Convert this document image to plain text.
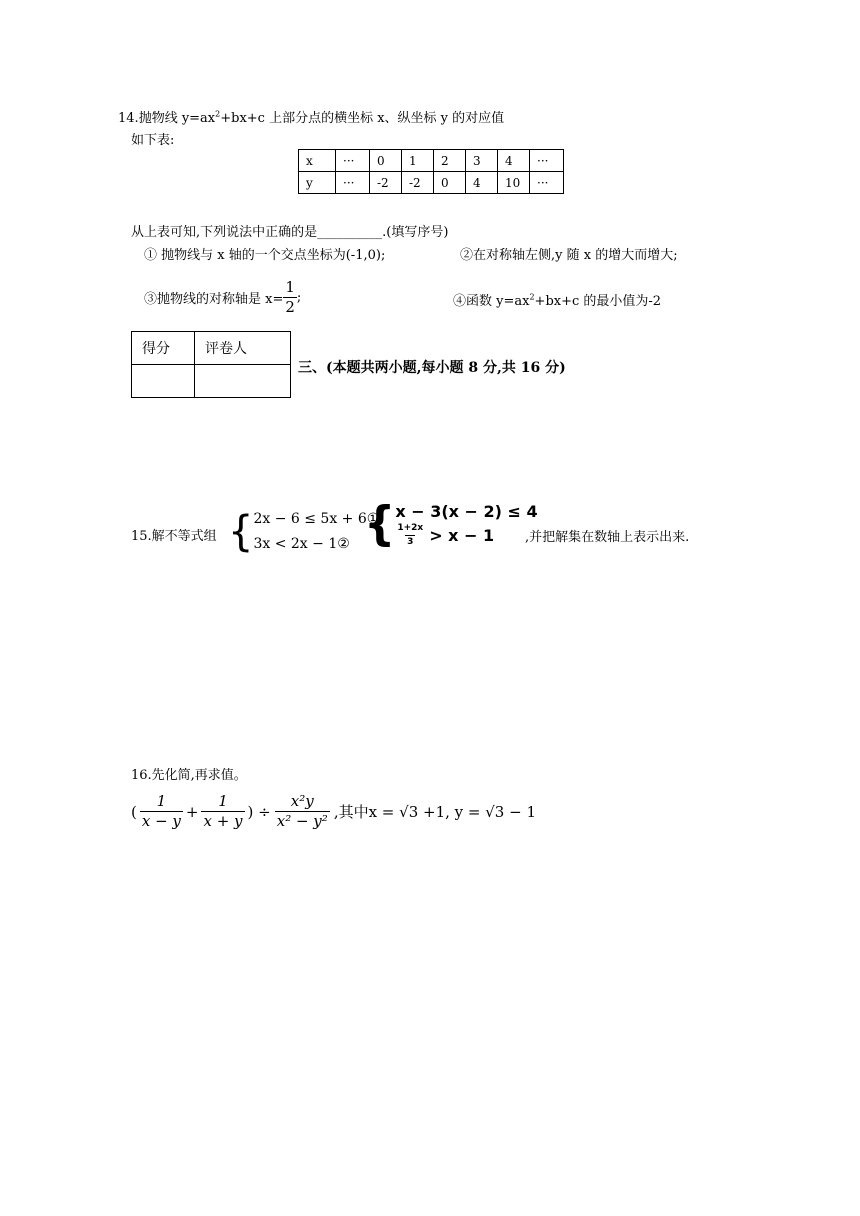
14.抛物线 $y=ax^2+bx+c$ 上部分点的横坐标 x、纵坐标 y 的对应值
如下表:
x	···	0	1	2	3	4	···
y	···	-2	-2	0	4	10	···
从上表可知,下列说法中正确的是__________.(填写序号)
① 抛物线与 x 轴的一个交点坐标为(-1,0);	②在对称轴左侧,y 随 x 的增大而增大;
③抛物线的对称轴是 $x= \frac{1}{2}$ ;	④函数 $y=ax^2+bx+c$ 的最小值为-2
得分	评卷人

三、(本题共两小题,每小题 8 分,共 16 分)
15.解不等式组 { 2x − 6 ≤ 5x + 6①
3x < 2x − 1② { x − 3(x − 2) ≤ 4
$\frac{1+2x}{3} > x - 1$ ,并把解集在数轴上表示出来.
16.先化简,再求值。
( $\frac{1}{x - y} + \frac{1}{x + y}$ ) ÷ $\frac{\text{x²y}}{\text{x² − y²}}$ ,其中x = √3 +1, y = √3 − 1
